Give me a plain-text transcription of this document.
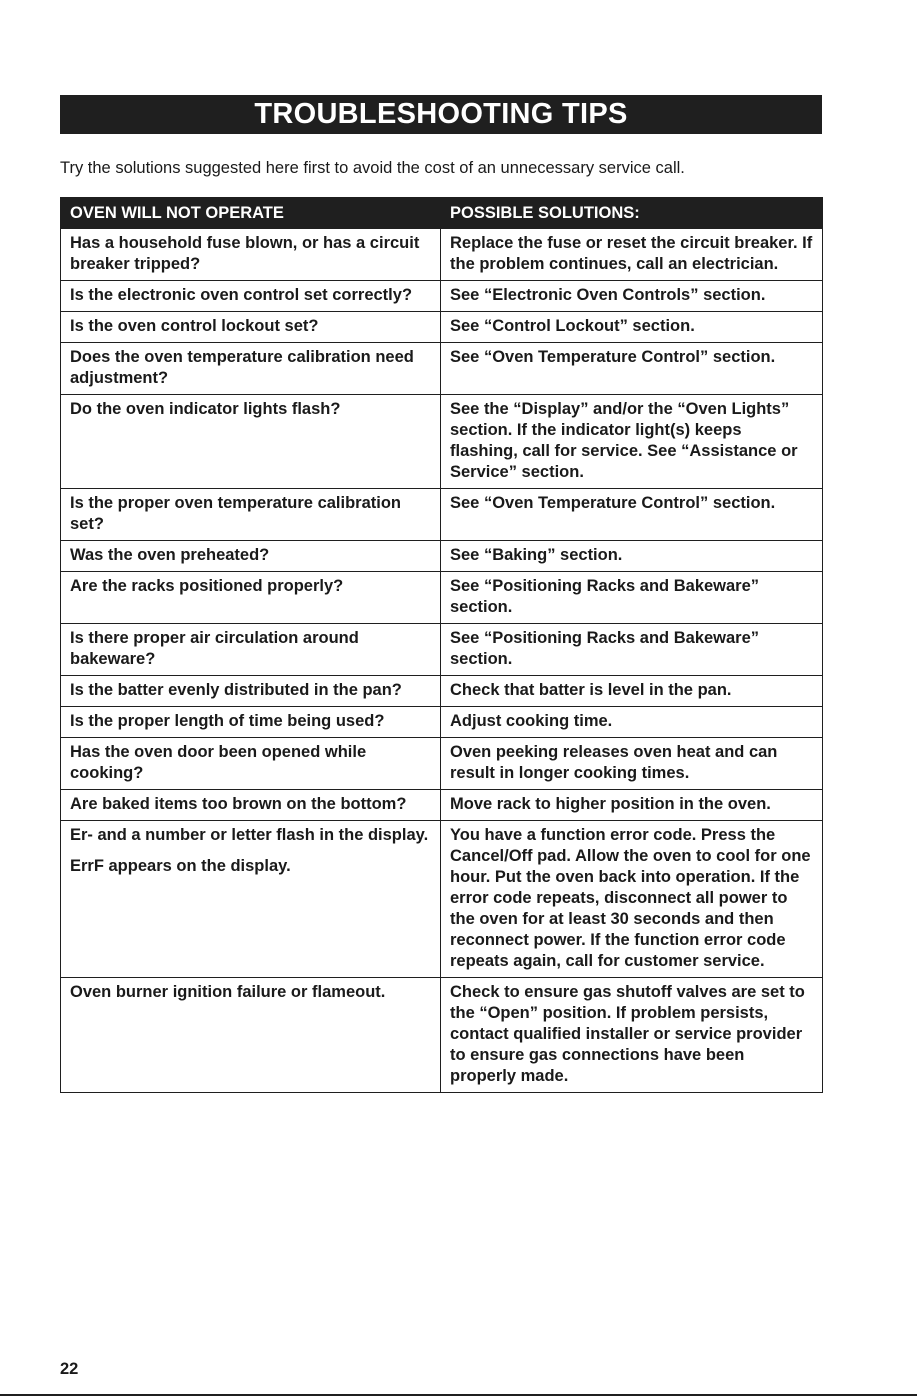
TROUBLESHOOTING TIPS
Try the solutions suggested here first to avoid the cost of an unnecessary service call.
OVEN WILL NOT OPERATE	POSSIBLE SOLUTIONS:

Has a household fuse blown, or has a circuit breaker tripped?	Replace the fuse or reset the circuit breaker. If the problem continues, call an electrician.

Is the electronic oven control set correctly?	See “Electronic Oven Controls” section.

Is the oven control lockout set?	See “Control Lockout” section.

Does the oven temperature calibration need adjustment?	See “Oven Temperature Control” section.

Do the oven indicator lights flash?	See the “Display” and/or the “Oven Lights” section. If the indicator light(s) keeps flashing, call for service. See “Assistance or Service” section.

Is the proper oven temperature calibration set?	See “Oven Temperature Control” section.

Was the oven preheated?	See “Baking” section.

Are the racks positioned properly?	See “Positioning Racks and Bakeware” section.

Is there proper air circulation around bakeware?	See “Positioning Racks and Bakeware” section.

Is the batter evenly distributed in the pan?	Check that batter is level in the pan.

Is the proper length of time being used?	Adjust cooking time.

Has the oven door been opened while cooking?	Oven peeking releases oven heat and can result in longer cooking times.

Are baked items too brown on the bottom?	Move rack to higher position in the oven.

Er- and a number or letter flash in the display.
ErrF appears on the display.	You have a function error code. Press the Cancel/Off pad. Allow the oven to cool for one hour. Put the oven back into operation. If the error code repeats, disconnect all power to the oven for at least 30 seconds and then reconnect power. If the function error code repeats again, call for customer service.

Oven burner ignition failure or flameout.	Check to ensure gas shutoff valves are set to the “Open” position. If problem persists, contact qualified installer or service provider to ensure gas connections have been properly made.
22
